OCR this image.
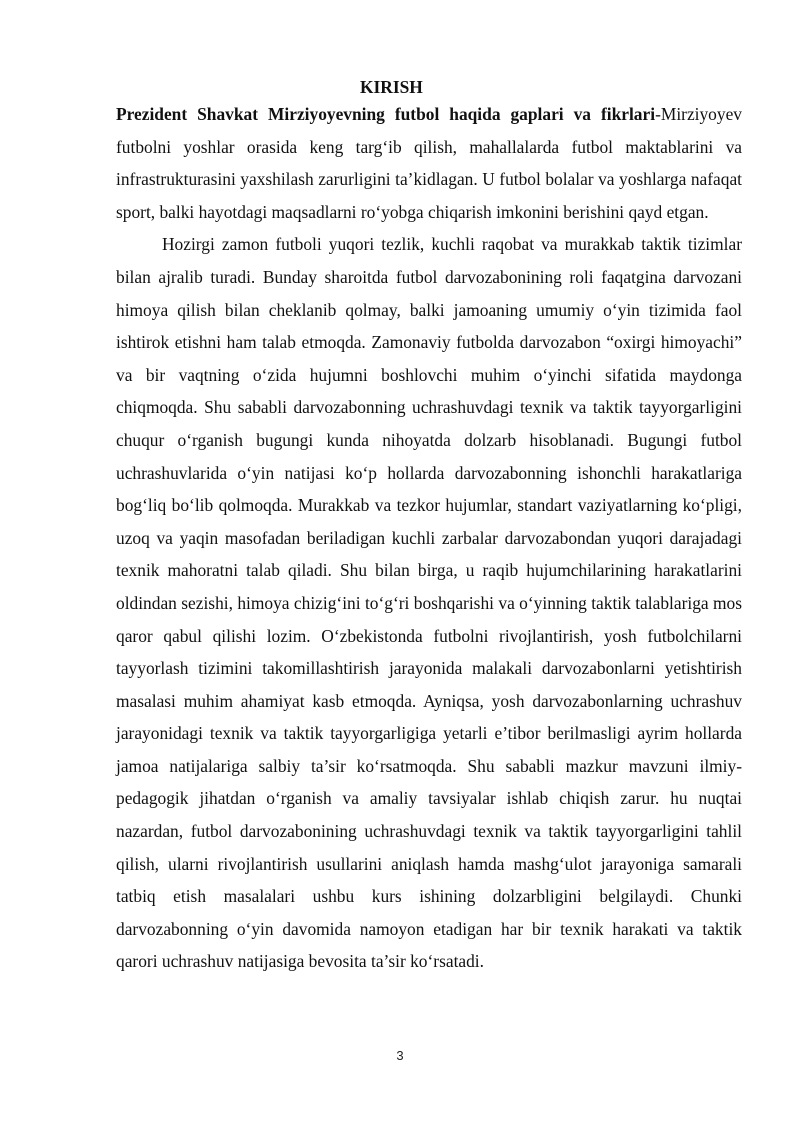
KIRISH

Prezident Shavkat Mirziyoyevning futbol haqida gaplari va fikrlari-Mirziyoyev futbolni yoshlar orasida keng targ‘ib qilish, mahallalarda futbol maktablarini va infrastrukturasini yaxshilash zarurligini ta’kidlagan. U futbol bolalar va yoshlarga nafaqat sport, balki hayotdagi maqsadlarni ro‘yobga chiqarish imkonini berishini qayd etgan.

Hozirgi zamon futboli yuqori tezlik, kuchli raqobat va murakkab taktik tizimlar bilan ajralib turadi. Bunday sharoitda futbol darvozabonining roli faqatgina darvozani himoya qilish bilan cheklanib qolmay, balki jamoaning umumiy o‘yin tizimida faol ishtirok etishni ham talab etmoqda. Zamonaviy futbolda darvozabon “oxirgi himoyachi” va bir vaqtning o‘zida hujumni boshlovchi muhim o‘yinchi sifatida maydonga chiqmoqda. Shu sababli darvozabonning uchrashuvdagi texnik va taktik tayyorgarligini chuqur o‘rganish bugungi kunda nihoyatda dolzarb hisoblanadi. Bugungi futbol uchrashuvlarida o‘yin natijasi ko‘p hollarda darvozabonning ishonchli harakatlariga bog‘liq bo‘lib qolmoqda. Murakkab va tezkor hujumlar, standart vaziyatlarning ko‘pligi, uzoq va yaqin masofadan beriladigan kuchli zarbalar darvozabondan yuqori darajadagi texnik mahoratni talab qiladi. Shu bilan birga, u raqib hujumchilarining harakatlarini oldindan sezishi, himoya chizig‘ini to‘g‘ri boshqarishi va o‘yinning taktik talablariga mos qaror qabul qilishi lozim. O‘zbekistonda futbolni rivojlantirish, yosh futbolchilarni tayyorlash tizimini takomillashtirish jarayonida malakali darvozabonlarni yetishtirish masalasi muhim ahamiyat kasb etmoqda. Ayniqsa, yosh darvozabonlarning uchrashuv jarayonidagi texnik va taktik tayyorgarligiga yetarli e’tibor berilmasligi ayrim hollarda jamoa natijalariga salbiy ta’sir ko‘rsatmoqda. Shu sababli mazkur mavzuni ilmiy-pedagogik jihatdan o‘rganish va amaliy tavsiyalar ishlab chiqish zarur. hu nuqtai nazardan, futbol darvozabonining uchrashuvdagi texnik va taktik tayyorgarligini tahlil qilish, ularni rivojlantirish usullarini aniqlash hamda mashg‘ulot jarayoniga samarali tatbiq etish masalalari ushbu kurs ishining dolzarbligini belgilaydi. Chunki darvozabonning o‘yin davomida namoyon etadigan har bir texnik harakati va taktik qarori uchrashuv natijasiga bevosita ta’sir ko‘rsatadi.

3
